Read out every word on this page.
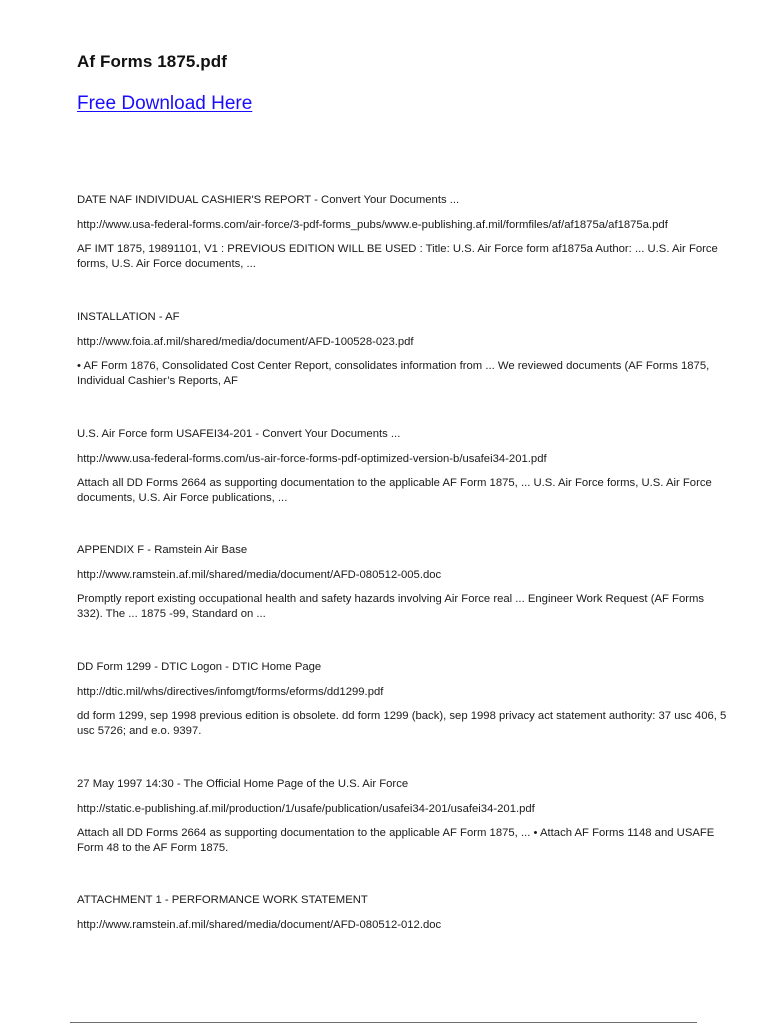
Af Forms 1875.pdf
Free Download Here
DATE NAF INDIVIDUAL CASHIER'S REPORT - Convert Your Documents ...
http://www.usa-federal-forms.com/air-force/3-pdf-forms_pubs/www.e-publishing.af.mil/formfiles/af/af1875a/af1875a.pdf
AF IMT 1875, 19891101, V1 : PREVIOUS EDITION WILL BE USED : Title: U.S. Air Force form af1875a Author: ... U.S. Air Force forms, U.S. Air Force documents, ...
INSTALLATION - AF
http://www.foia.af.mil/shared/media/document/AFD-100528-023.pdf
• AF Form 1876, Consolidated Cost Center Report, consolidates information from ... We reviewed documents (AF Forms 1875, Individual Cashier’s Reports, AF
U.S. Air Force form USAFEI34-201 - Convert Your Documents ...
http://www.usa-federal-forms.com/us-air-force-forms-pdf-optimized-version-b/usafei34-201.pdf
Attach all DD Forms 2664 as supporting documentation to the applicable AF Form 1875, ... U.S. Air Force forms, U.S. Air Force documents, U.S. Air Force publications, ...
APPENDIX F - Ramstein Air Base
http://www.ramstein.af.mil/shared/media/document/AFD-080512-005.doc
Promptly report existing occupational health and safety hazards involving Air Force real ... Engineer Work Request (AF Forms 332). The ... 1875 -99, Standard on ...
DD Form 1299 - DTIC Logon - DTIC Home Page
http://dtic.mil/whs/directives/infomgt/forms/eforms/dd1299.pdf
dd form 1299, sep 1998 previous edition is obsolete. dd form 1299 (back), sep 1998 privacy act statement authority: 37 usc 406, 5 usc 5726; and e.o. 9397.
27 May 1997 14:30 - The Official Home Page of the U.S. Air Force
http://static.e-publishing.af.mil/production/1/usafe/publication/usafei34-201/usafei34-201.pdf
Attach all DD Forms 2664 as supporting documentation to the applicable AF Form 1875, ... • Attach AF Forms 1148 and USAFE Form 48 to the AF Form 1875.
ATTACHMENT 1 - PERFORMANCE WORK STATEMENT
http://www.ramstein.af.mil/shared/media/document/AFD-080512-012.doc
